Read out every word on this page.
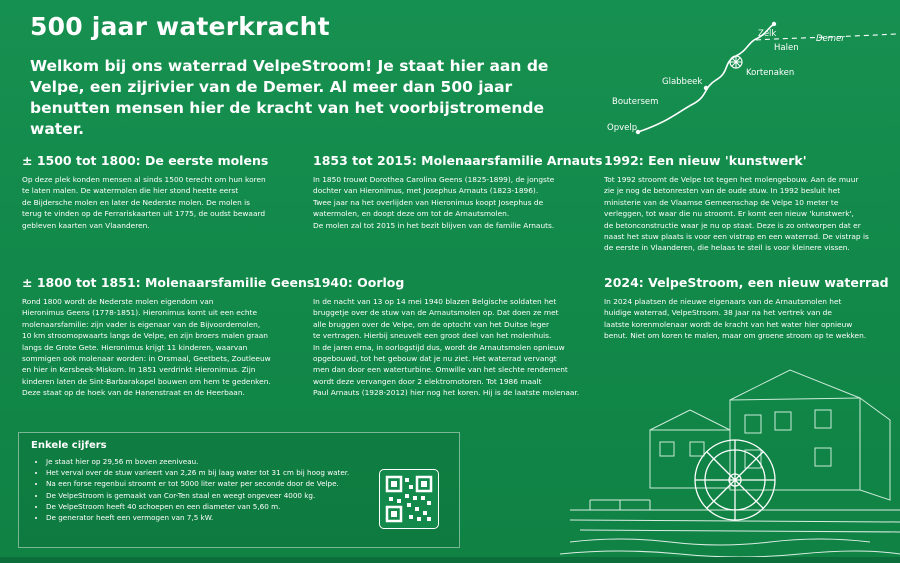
500 jaar waterkracht

Welkom bij ons waterrad VelpeStroom! Je staat hier aan de Velpe, een zijrivier van de Demer. Al meer dan 500 jaar benutten mensen hier de kracht van het voorbijstromende water.

Zelk
Halen
Demer
Kortenaken
Glabbeek
Boutersem
Opvelp
± 1500 tot 1800: De eerste molens
Op deze plek konden mensen al sinds 1500 terecht om hun koren
te laten malen. De watermolen die hier stond heette eerst
de Bijdersche molen en later de Nederste molen. De molen is
terug te vinden op de Ferrariskaarten uit 1775, de oudst bewaard
gebleven kaarten van Vlaanderen.
1853 tot 2015: Molenaarsfamilie Arnauts
In 1850 trouwt Dorothea Carolina Geens (1825-1899), de jongste
dochter van Hieronimus, met Josephus Arnauts (1823-1896).
Twee jaar na het overlijden van Hieronimus koopt Josephus de
watermolen, en doopt deze om tot de Arnautsmolen.
De molen zal tot 2015 in het bezit blijven van de familie Arnauts.
1992: Een nieuw 'kunstwerk'
Tot 1992 stroomt de Velpe tot tegen het molengebouw. Aan de muur
zie je nog de betonresten van de oude stuw. In 1992 besluit het
ministerie van de Vlaamse Gemeenschap de Velpe 10 meter te
verleggen, tot waar die nu stroomt. Er komt een nieuw 'kunstwerk',
de betonconstructie waar je nu op staat. Deze is zo ontworpen dat er
naast het stuw plaats is voor een vistrap en een waterrad. De vistrap is
de eerste in Vlaanderen, die helaas te steil is voor kleinere vissen.
± 1800 tot 1851: Molenaarsfamilie Geens
Rond 1800 wordt de Nederste molen eigendom van
Hieronimus Geens (1778-1851). Hieronimus komt uit een echte
molenaarsfamilie: zijn vader is eigenaar van de Bijvoordemolen,
10 km stroomopwaarts langs de Velpe, en zijn broers malen graan
langs de Grote Gete. Hieronimus krijgt 11 kinderen, waarvan
sommigen ook molenaar worden: in Orsmaal, Geetbets, Zoutleeuw
en hier in Kersbeek-Miskom. In 1851 verdrinkt Hieronimus. Zijn
kinderen laten de Sint-Barbarakapel bouwen om hem te gedenken.
Deze staat op de hoek van de Hanenstraat en de Heerbaan.
1940: Oorlog
In de nacht van 13 op 14 mei 1940 blazen Belgische soldaten het
bruggetje over de stuw van de Arnautsmolen op. Dat doen ze met
alle bruggen over de Velpe, om de optocht van het Duitse leger
te vertragen. Hierbij sneuvelt een groot deel van het molenhuis.
In de jaren erna, in oorlogstijd dus, wordt de Arnautsmolen opnieuw
opgebouwd, tot het gebouw dat je nu ziet. Het waterrad vervangt
men dan door een waterturbine. Omwille van het slechte rendement
wordt deze vervangen door 2 elektromotoren. Tot 1986 maalt
Paul Arnauts (1928-2012) hier nog het koren. Hij is de laatste molenaar.
2024: VelpeStroom, een nieuw waterrad
In 2024 plaatsen de nieuwe eigenaars van de Arnautsmolen het
huidige waterrad, VelpeStroom. 38 Jaar na het vertrek van de
laatste korenmolenaar wordt de kracht van het water hier opnieuw
benut. Niet om koren te malen, maar om groene stroom op te wekken.
Enkele cijfers
• Je staat hier op 29,56 m boven zeeniveau.
• Het verval over de stuw varieert van 2,26 m bij laag water tot 31 cm bij hoog water.
• Na een forse regenbui stroomt er tot 5000 liter water per seconde door de Velpe.
• De VelpeStroom is gemaakt van Cor-Ten staal en weegt ongeveer 4000 kg.
• De VelpeStroom heeft 40 schoepen en een diameter van 5,60 m.
• De generator heeft een vermogen van 7,5 kW.
